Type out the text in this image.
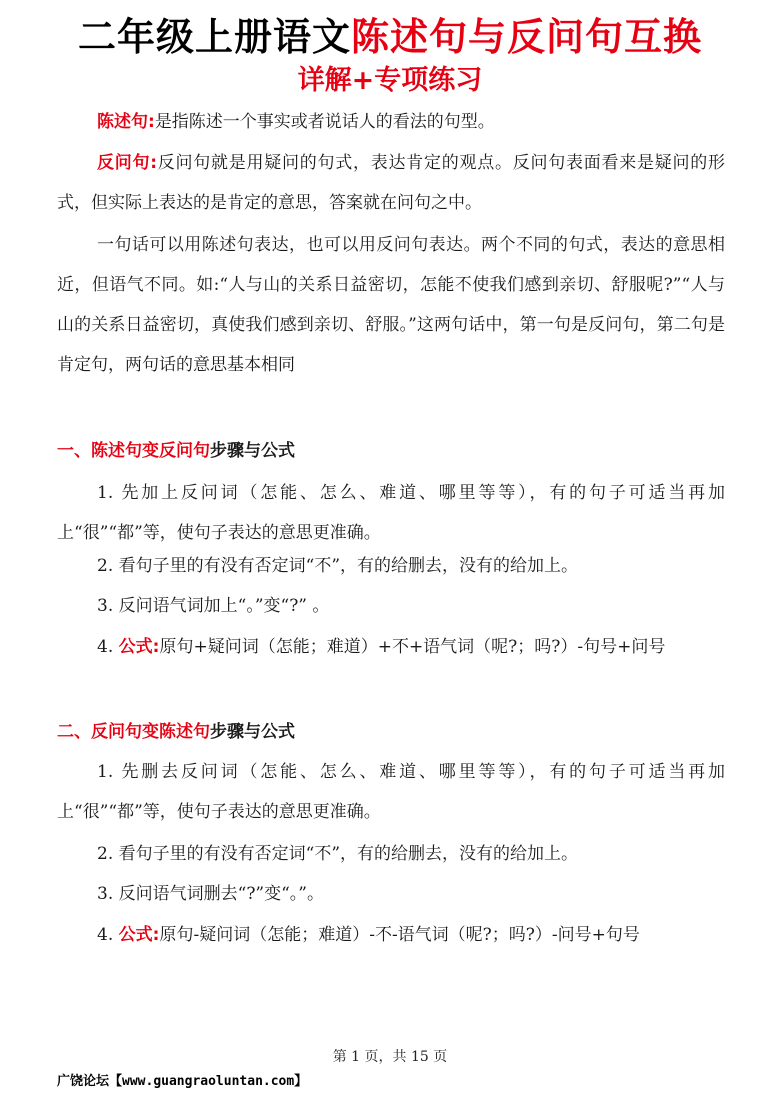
二年级上册语文陈述句与反问句互换
详解+专项练习

陈述句:是指陈述一个事实或者说话人的看法的句型。

反问句:反问句就是用疑问的句式，表达肯定的观点。反问句表面看来是疑问的形式，但实际上表达的是肯定的意思，答案就在问句之中。

一句话可以用陈述句表达，也可以用反问句表达。两个不同的句式，表达的意思相近，但语气不同。如:“人与山的关系日益密切，怎能不使我们感到亲切、舒服呢?”“人与山的关系日益密切，真使我们感到亲切、舒服。”这两句话中，第一句是反问句，第二句是肯定句，两句话的意思基本相同

一、陈述句变反问句步骤与公式

1. 先加上反问词（怎能、怎么、难道、哪里等等），有的句子可适当再加上“很”“都”等，使句子表达的意思更准确。

2. 看句子里的有没有否定词“不”，有的给删去，没有的给加上。

3. 反问语气词加上“。”变“?” 。

4. 公式:原句+疑问词（怎能；难道）+不+语气词（呢?；吗?）-句号+问号

二、反问句变陈述句步骤与公式

1. 先删去反问词（怎能、怎么、难道、哪里等等），有的句子可适当再加上“很”“都”等，使句子表达的意思更准确。

2. 看句子里的有没有否定词“不”，有的给删去，没有的给加上。

3. 反问语气词删去“?”变“。”。

4. 公式:原句-疑问词（怎能；难道）-不-语气词（呢?；吗?）-问号+句号

第 1 页，共 15 页
广饶论坛【www.guangraoluntan.com】
